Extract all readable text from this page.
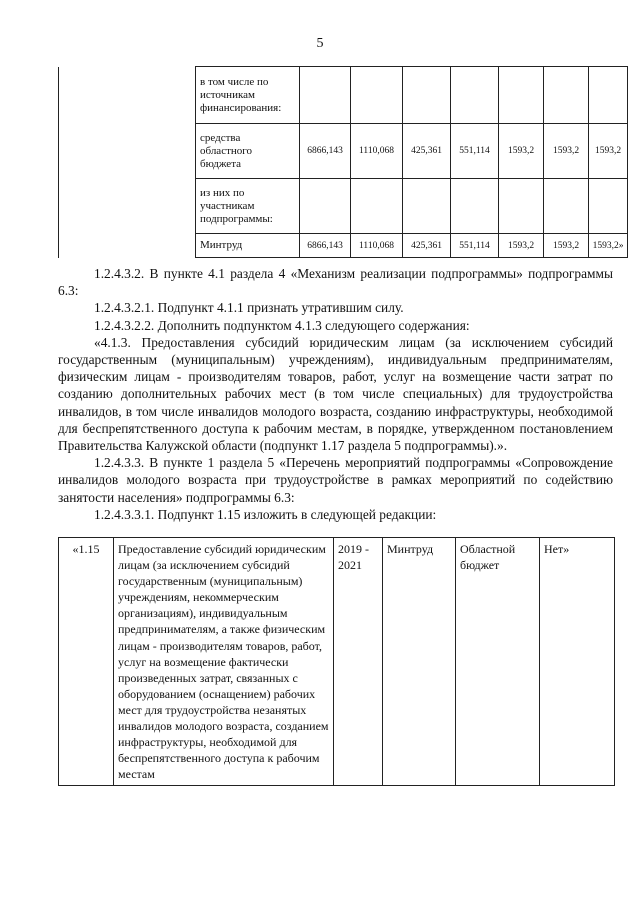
5
	в том числе по источникам финансирования:							
	средства областного бюджета	6866,143	1110,068	425,361	551,114	1593,2	1593,2	1593,2
	из них по участникам подпрограммы:							
	Минтруд	6866,143	1110,068	425,361	551,114	1593,2	1593,2	1593,2»

1.2.4.3.2. В пункте 4.1 раздела 4 «Механизм реализации подпрограммы» подпрограммы 6.3:

1.2.4.3.2.1. Подпункт 4.1.1 признать утратившим силу.

1.2.4.3.2.2. Дополнить подпунктом 4.1.3 следующего содержания:

«4.1.3. Предоставления субсидий юридическим лицам (за исключением субсидий государственным (муниципальным) учреждениям), индивидуальным предпринимателям, физическим лицам - производителям товаров, работ, услуг на возмещение части затрат по созданию дополнительных рабочих мест (в том числе специальных) для трудоустройства инвалидов, в том числе инвалидов молодого возраста, созданию инфраструктуры, необходимой для беспрепятственного доступа к рабочим местам, в порядке, утвержденном постановлением Правительства Калужской области (подпункт 1.17 раздела 5 подпрограммы).».

1.2.4.3.3. В пункте 1 раздела 5 «Перечень мероприятий подпрограммы «Сопровождение инвалидов молодого возраста при трудоустройстве в рамках мероприятий по содействию занятости населения» подпрограммы 6.3:

1.2.4.3.3.1. Подпункт 1.15 изложить в следующей редакции:

«1.15	Предоставление субсидий юридическим лицам (за исключением субсидий государственным (муниципальным) учреждениям, некоммерческим организациям), индивидуальным предпринимателям, а также физическим лицам - производителям товаров, работ, услуг на возмещение фактически произведенных затрат, связанных с оборудованием (оснащением) рабочих мест для трудоустройства незанятых инвалидов молодого возраста, созданием инфраструктуры, необходимой для беспрепятственного доступа к рабочим местам	2019 - 2021	Минтруд	Областной бюджет	Нет»
